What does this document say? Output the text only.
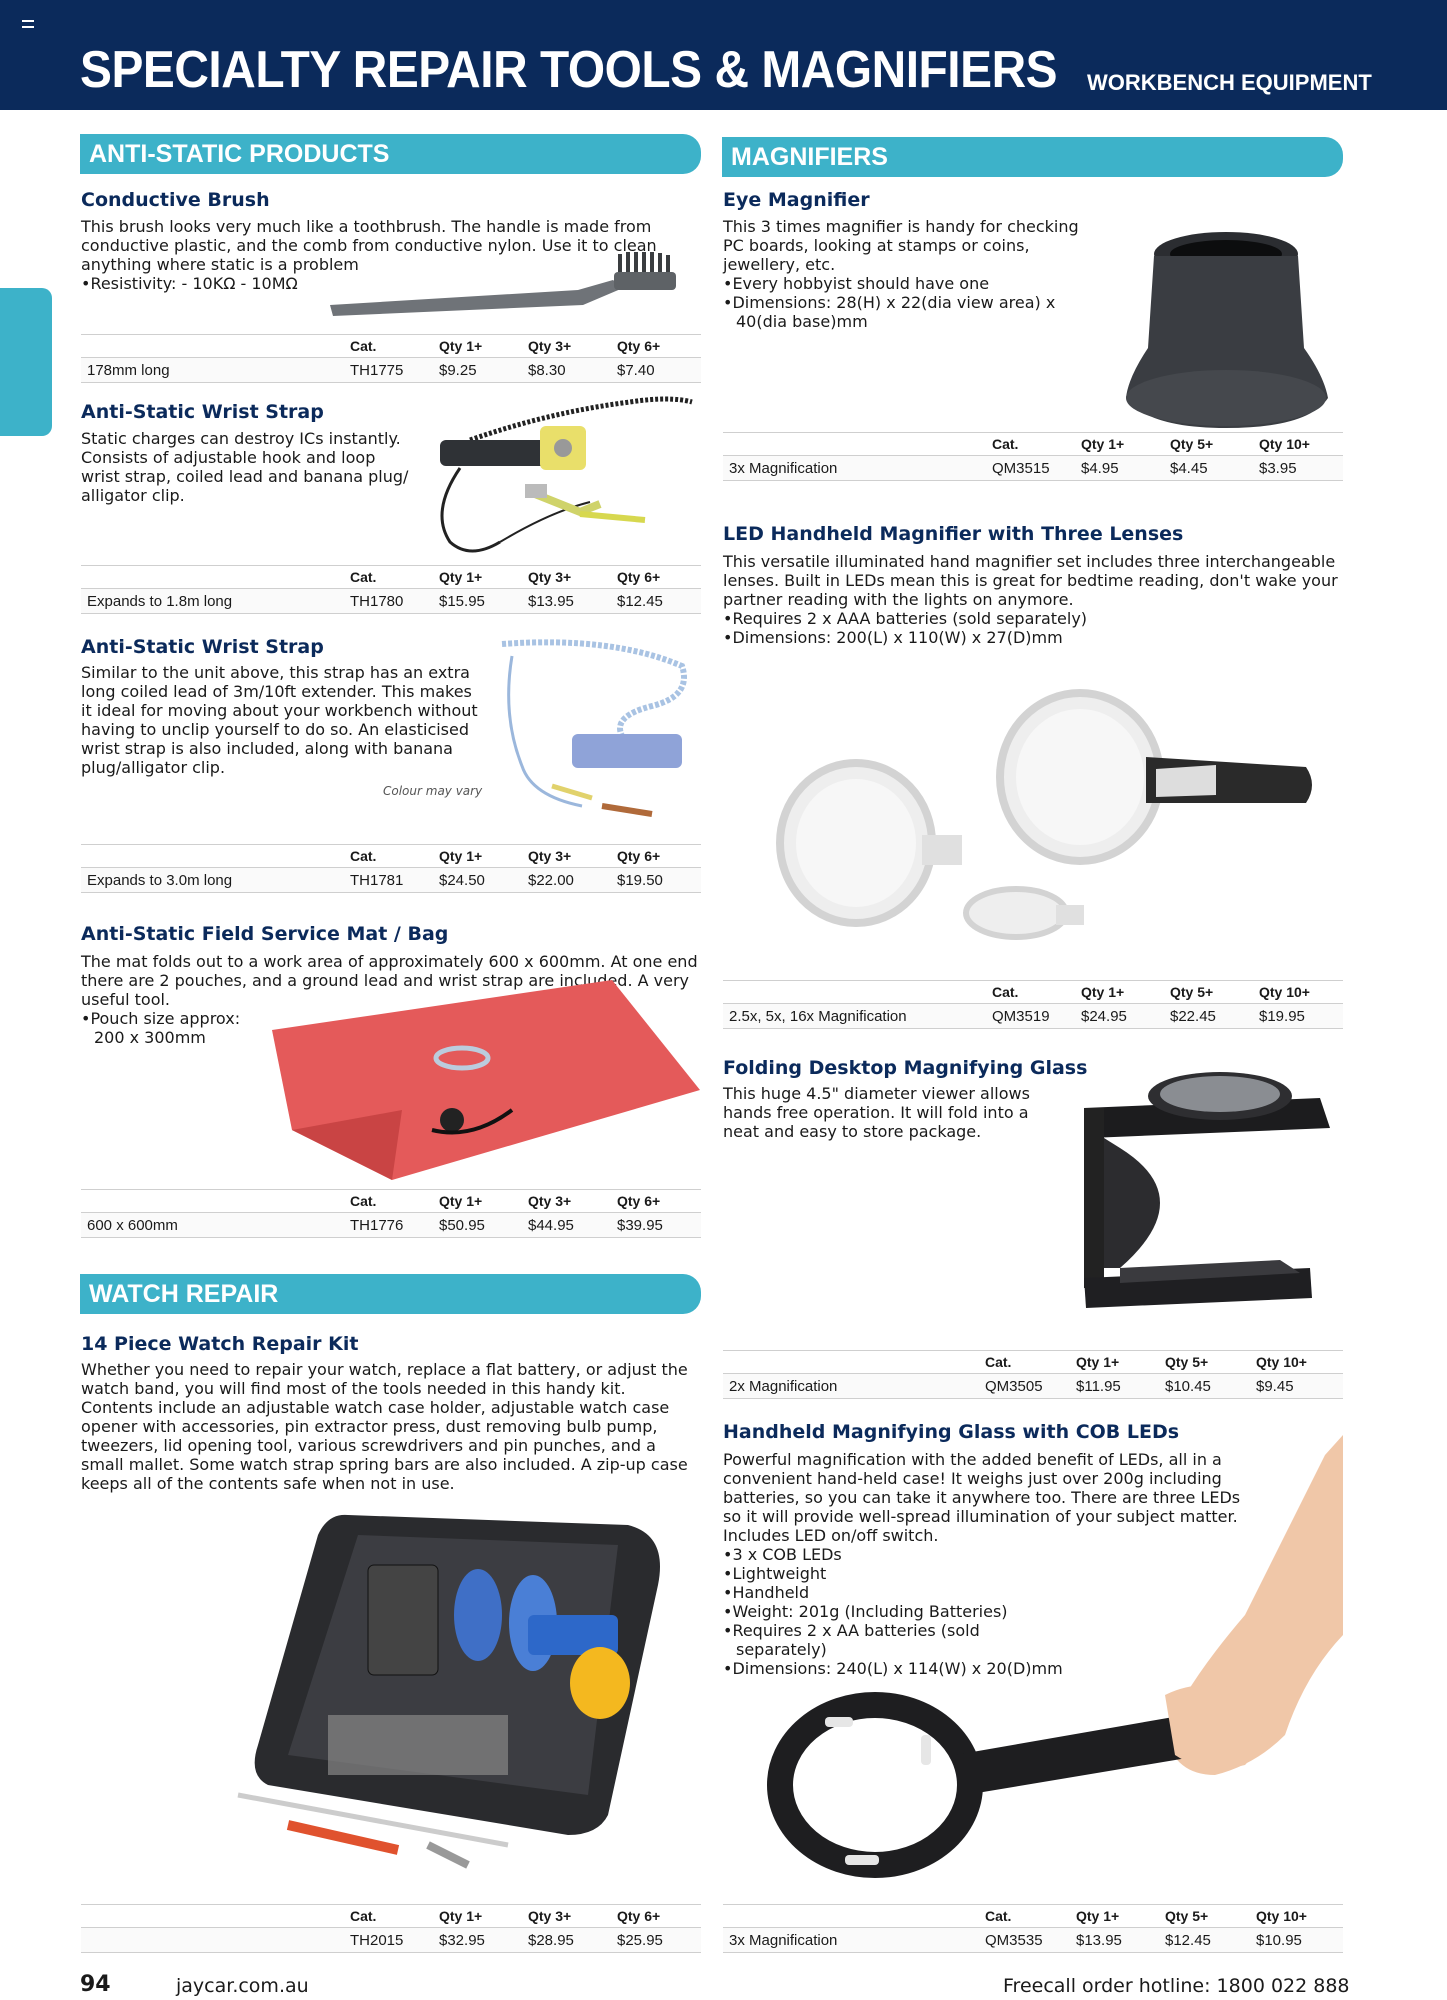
SPECIALTY REPAIR TOOLS & MAGNIFIERS WORKBENCH EQUIPMENT
ANTI-STATIC PRODUCTS
Conductive Brush

This brush looks very much like a toothbrush. The handle is made from conductive plastic, and the comb from conductive nylon. Use it to clean anything where static is a problem

• Resistivity: - 10KΩ - 10MΩ
	Cat.	Qty 1+	Qty 3+	Qty 6+
178mm long	TH1775	$9.25	$8.30	$7.40
Anti-Static Wrist Strap

Static charges can destroy ICs instantly. Consists of adjustable hook and loop wrist strap, coiled lead and banana plug/ alligator clip.

	Cat.	Qty 1+	Qty 3+	Qty 6+
Expands to 1.8m long	TH1780	$15.95	$13.95	$12.45
Anti-Static Wrist Strap

Similar to the unit above, this strap has an extra long coiled lead of 3m/10ft extender. This makes it ideal for moving about your workbench without having to unclip yourself to do so. An elasticised wrist strap is also included, along with banana plug/alligator clip.

Colour may vary
	Cat.	Qty 1+	Qty 3+	Qty 6+
Expands to 3.0m long	TH1781	$24.50	$22.00	$19.50
Anti-Static Field Service Mat / Bag

The mat folds out to a work area of approximately 600 x 600mm. At one end there are 2 pouches, and a ground lead and wrist strap are included. A very useful tool.

• Pouch size approx: 200 x 300mm
	Cat.	Qty 1+	Qty 3+	Qty 6+
600 x 600mm	TH1776	$50.95	$44.95	$39.95
WATCH REPAIR
14 Piece Watch Repair Kit

Whether you need to repair your watch, replace a flat battery, or adjust the watch band, you will find most of the tools needed in this handy kit. Contents include an adjustable watch case holder, adjustable watch case opener with accessories, pin extractor press, dust removing bulb pump, tweezers, lid opening tool, various screwdrivers and pin punches, and a small mallet. Some watch strap spring bars are also included. A zip-up case keeps all of the contents safe when not in use.

	Cat.	Qty 1+	Qty 3+	Qty 6+
	TH2015	$32.95	$28.95	$25.95
MAGNIFIERS
Eye Magnifier

This 3 times magnifier is handy for checking PC boards, looking at stamps or coins, jewellery, etc.

• Every hobbyist should have one
• Dimensions: 28(H) x 22(dia view area) x 40(dia base)mm
	Cat.	Qty 1+	Qty 5+	Qty 10+
3x Magnification	QM3515	$4.95	$4.45	$3.95
LED Handheld Magnifier with Three Lenses

This versatile illuminated hand magnifier set includes three interchangeable lenses. Built in LEDs mean this is great for bedtime reading, don't wake your partner reading with the lights on anymore.

• Requires 2 x AAA batteries (sold separately)
• Dimensions: 200(L) x 110(W) x 27(D)mm
	Cat.	Qty 1+	Qty 5+	Qty 10+
2.5x, 5x, 16x Magnification	QM3519	$24.95	$22.45	$19.95
Folding Desktop Magnifying Glass

This huge 4.5" diameter viewer allows hands free operation. It will fold into a neat and easy to store package.

	Cat.	Qty 1+	Qty 5+	Qty 10+
2x Magnification	QM3505	$11.95	$10.45	$9.45
Handheld Magnifying Glass with COB LEDs

Powerful magnification with the added benefit of LEDs, all in a convenient hand-held case! It weighs just over 200g including batteries, so you can take it anywhere too. There are three LEDs so it will provide well-spread illumination of your subject matter. Includes LED on/off switch.

• 3 x COB LEDs
• Lightweight
• Handheld
• Weight: 201g (Including Batteries)
• Requires 2 x AA batteries (sold separately)
• Dimensions: 240(L) x 114(W) x 20(D)mm
	Cat.	Qty 1+	Qty 5+	Qty 10+
3x Magnification	QM3535	$13.95	$12.45	$10.95
94	jaycar.com.au	Freecall order hotline: 1800 022 888
